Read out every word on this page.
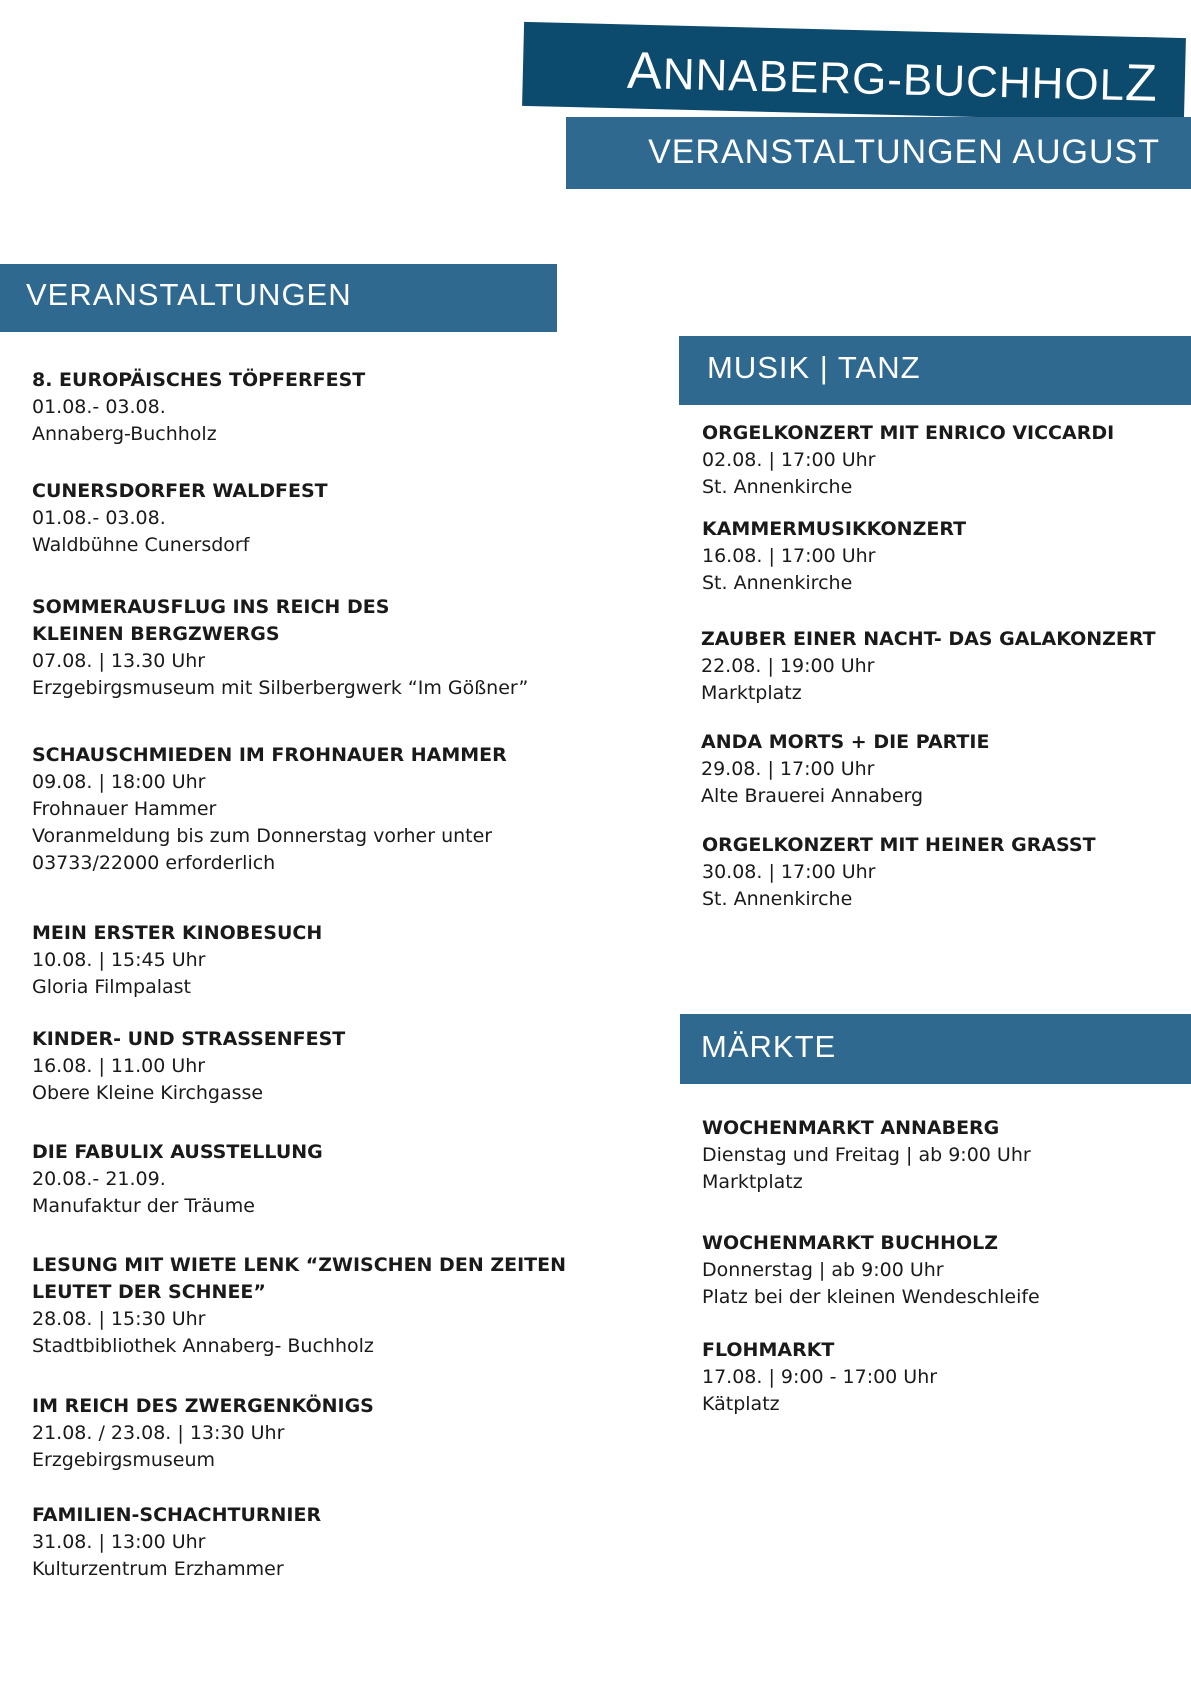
ANNABERG-BUCHHOLZ
VERANSTALTUNGEN AUGUST
VERANSTALTUNGEN
MUSIK | TANZ
MÄRKTE
8. EUROPÄISCHES TÖPFERFEST
01.08.- 03.08.
Annaberg-Buchholz
CUNERSDORFER WALDFEST
01.08.- 03.08.
Waldbühne Cunersdorf
SOMMERAUSFLUG INS REICH DES
KLEINEN BERGZWERGS
07.08. | 13.30 Uhr
Erzgebirgsmuseum mit Silberbergwerk “Im Gößner”
SCHAUSCHMIEDEN IM FROHNAUER HAMMER
09.08. | 18:00 Uhr
Frohnauer Hammer
Voranmeldung bis zum Donnerstag vorher unter
03733/22000 erforderlich
MEIN ERSTER KINOBESUCH
10.08. | 15:45 Uhr
Gloria Filmpalast
KINDER- UND STRASSENFEST
16.08. | 11.00 Uhr
Obere Kleine Kirchgasse
DIE FABULIX AUSSTELLUNG
20.08.- 21.09.
Manufaktur der Träume
LESUNG MIT WIETE LENK “ZWISCHEN DEN ZEITEN
LEUTET DER SCHNEE”
28.08. | 15:30 Uhr
Stadtbibliothek Annaberg- Buchholz
IM REICH DES ZWERGENKÖNIGS
21.08. / 23.08. | 13:30 Uhr
Erzgebirgsmuseum
FAMILIEN-SCHACHTURNIER
31.08. | 13:00 Uhr
Kulturzentrum Erzhammer
ORGELKONZERT MIT ENRICO VICCARDI
02.08. | 17:00 Uhr
St. Annenkirche
KAMMERMUSIKKONZERT
16.08. | 17:00 Uhr
St. Annenkirche
ZAUBER EINER NACHT- DAS GALAKONZERT
22.08. | 19:00 Uhr
Marktplatz
ANDA MORTS + DIE PARTIE
29.08. | 17:00 Uhr
Alte Brauerei Annaberg
ORGELKONZERT MIT HEINER GRASST
30.08. | 17:00 Uhr
St. Annenkirche
WOCHENMARKT ANNABERG
Dienstag und Freitag | ab 9:00 Uhr
Marktplatz
WOCHENMARKT BUCHHOLZ
Donnerstag | ab 9:00 Uhr
Platz bei der kleinen Wendeschleife
FLOHMARKT
17.08. | 9:00 - 17:00 Uhr
Kätplatz
